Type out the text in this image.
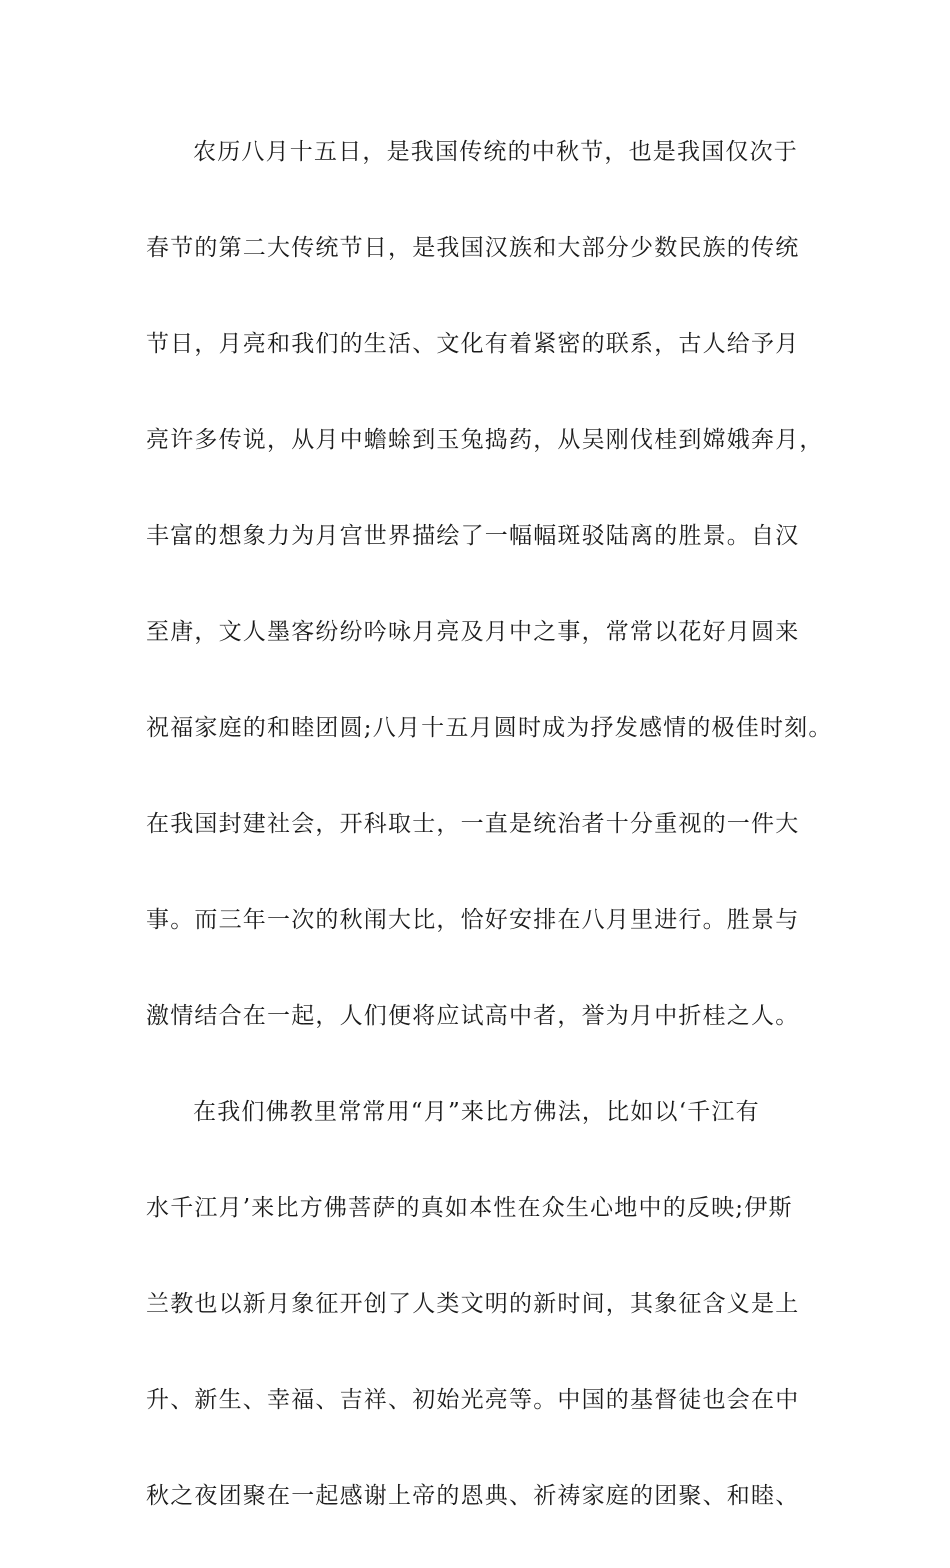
农历八月十五日，是我国传统的中秋节，也是我国仅次于
春节的第二大传统节日，是我国汉族和大部分少数民族的传统
节日，月亮和我们的生活、文化有着紧密的联系，古人给予月
亮许多传说，从月中蟾蜍到玉兔捣药，从吴刚伐桂到嫦娥奔月，
丰富的想象力为月宫世界描绘了一幅幅斑驳陆离的胜景。自汉
至唐，文人墨客纷纷吟咏月亮及月中之事，常常以花好月圆来
祝福家庭的和睦团圆;八月十五月圆时成为抒发感情的极佳时刻。
在我国封建社会，开科取士，一直是统治者十分重视的一件大
事。而三年一次的秋闱大比，恰好安排在八月里进行。胜景与
激情结合在一起，人们便将应试高中者，誉为月中折桂之人。
在我们佛教里常常用“月”来比方佛法，比如以‘千江有
水千江月’来比方佛菩萨的真如本性在众生心地中的反映;伊斯
兰教也以新月象征开创了人类文明的新时间，其象征含义是上
升、新生、幸福、吉祥、初始光亮等。中国的基督徒也会在中
秋之夜团聚在一起感谢上帝的恩典、祈祷家庭的团聚、和睦、
